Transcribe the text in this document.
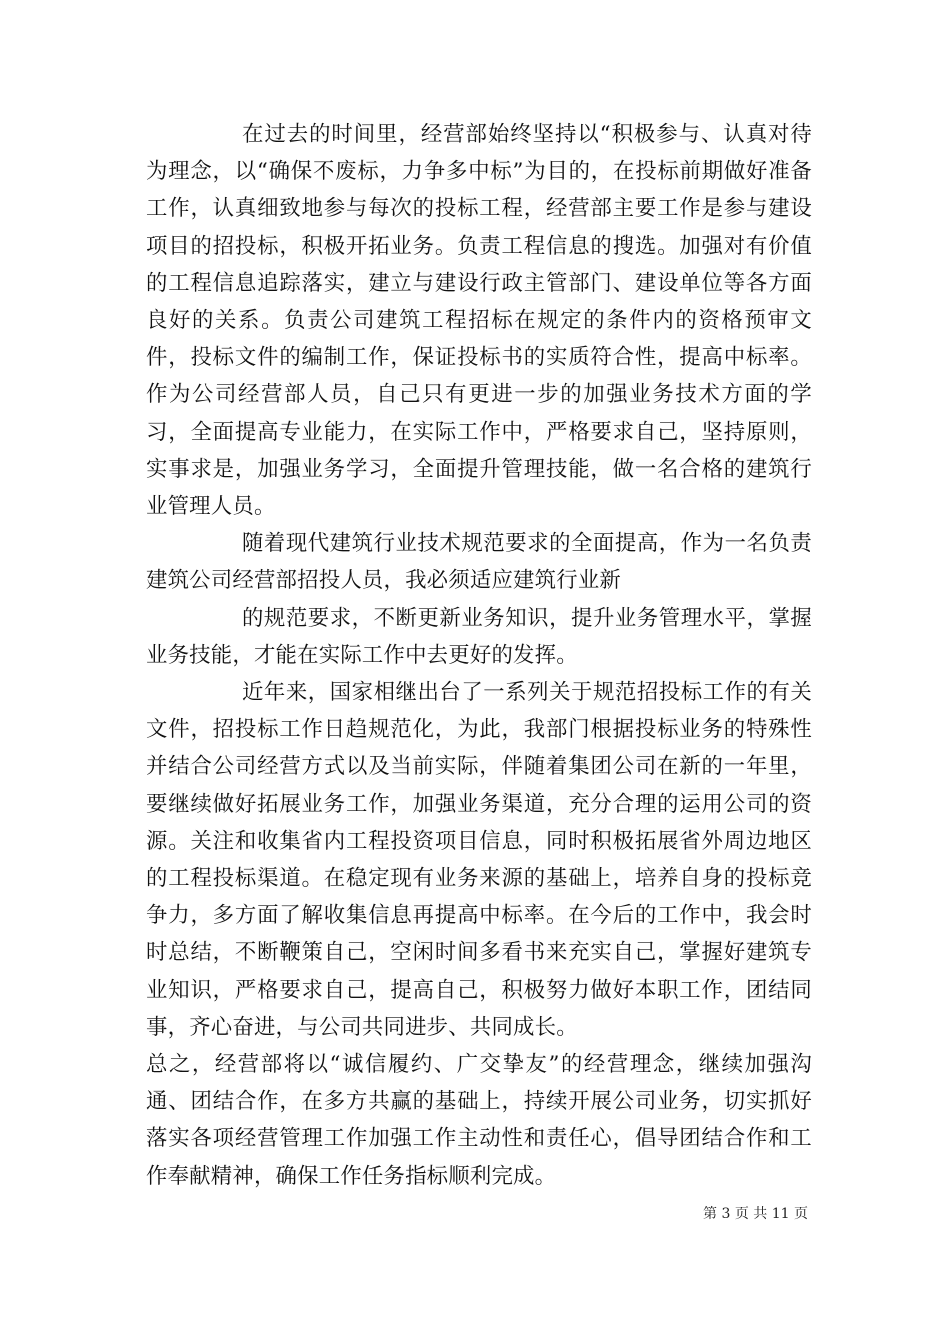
在过去的时间里，经营部始终坚持以“积极参与、认真对待为理念，以“确保不废标，力争多中标”为目的，在投标前期做好准备工作，认真细致地参与每次的投标工程，经营部主要工作是参与建设项目的招投标，积极开拓业务。负责工程信息的搜选。加强对有价值的工程信息追踪落实，建立与建设行政主管部门、建设单位等各方面良好的关系。负责公司建筑工程招标在规定的条件内的资格预审文件，投标文件的编制工作，保证投标书的实质符合性，提高中标率。作为公司经营部人员，自己只有更进一步的加强业务技术方面的学习，全面提高专业能力，在实际工作中，严格要求自己，坚持原则，实事求是，加强业务学习，全面提升管理技能，做一名合格的建筑行业管理人员。

随着现代建筑行业技术规范要求的全面提高，作为一名负责建筑公司经营部招投人员，我必须适应建筑行业新

的规范要求，不断更新业务知识，提升业务管理水平，掌握业务技能，才能在实际工作中去更好的发挥。

近年来，国家相继出台了一系列关于规范招投标工作的有关文件，招投标工作日趋规范化，为此，我部门根据投标业务的特殊性并结合公司经营方式以及当前实际，伴随着集团公司在新的一年里，要继续做好拓展业务工作，加强业务渠道，充分合理的运用公司的资源。关注和收集省内工程投资项目信息，同时积极拓展省外周边地区的工程投标渠道。在稳定现有业务来源的基础上，培养自身的投标竞争力，多方面了解收集信息再提高中标率。在今后的工作中，我会时时总结，不断鞭策自己，空闲时间多看书来充实自己，掌握好建筑专业知识，严格要求自己，提高自己，积极努力做好本职工作，团结同事，齐心奋进，与公司共同进步、共同成长。

总之，经营部将以“诚信履约、广交挚友”的经营理念，继续加强沟通、团结合作，在多方共赢的基础上，持续开展公司业务，切实抓好落实各项经营管理工作加强工作主动性和责任心，倡导团结合作和工作奉献精神，确保工作任务指标顺利完成。

第 3 页 共 11 页
